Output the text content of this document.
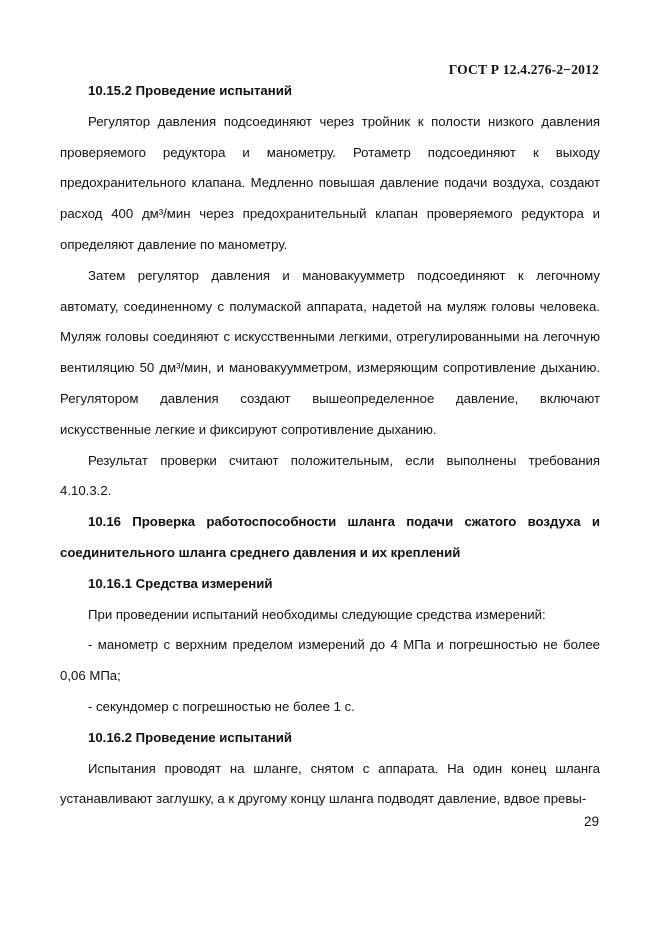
ГОСТ Р 12.4.276-2−2012

10.15.2 Проведение испытаний

Регулятор давления подсоединяют через тройник к полости низкого давления проверяемого редуктора и манометру. Ротаметр подсоединяют к выходу предохранительного клапана. Медленно повышая давление подачи воздуха, создают расход 400 дм³/мин через предохранительный клапан проверяемого редуктора и определяют давление по манометру.

Затем регулятор давления и мановакуумметр подсоединяют к легочному автомату, соединенному с полумаской аппарата, надетой на муляж головы человека. Муляж головы соединяют с искусственными легкими, отрегулированными на легочную вентиляцию 50 дм³/мин, и мановакуумметром, измеряющим сопротивление дыханию. Регулятором давления создают вышеопределенное давление, включают искусственные легкие и фиксируют сопротивление дыханию.

Результат проверки считают положительным, если выполнены требования 4.10.3.2.

10.16 Проверка работоспособности шланга подачи сжатого воздуха и соединительного шланга среднего давления и их креплений

10.16.1 Средства измерений

При проведении испытаний необходимы следующие средства измерений:

- манометр с верхним пределом измерений до 4 МПа и погрешностью не более 0,06 МПа;

- секундомер с погрешностью не более 1 с.

10.16.2 Проведение испытаний

Испытания проводят на шланге, снятом с аппарата. На один конец шланга устанавливают заглушку, а к другому концу шланга подводят давление, вдвое превы-

29
